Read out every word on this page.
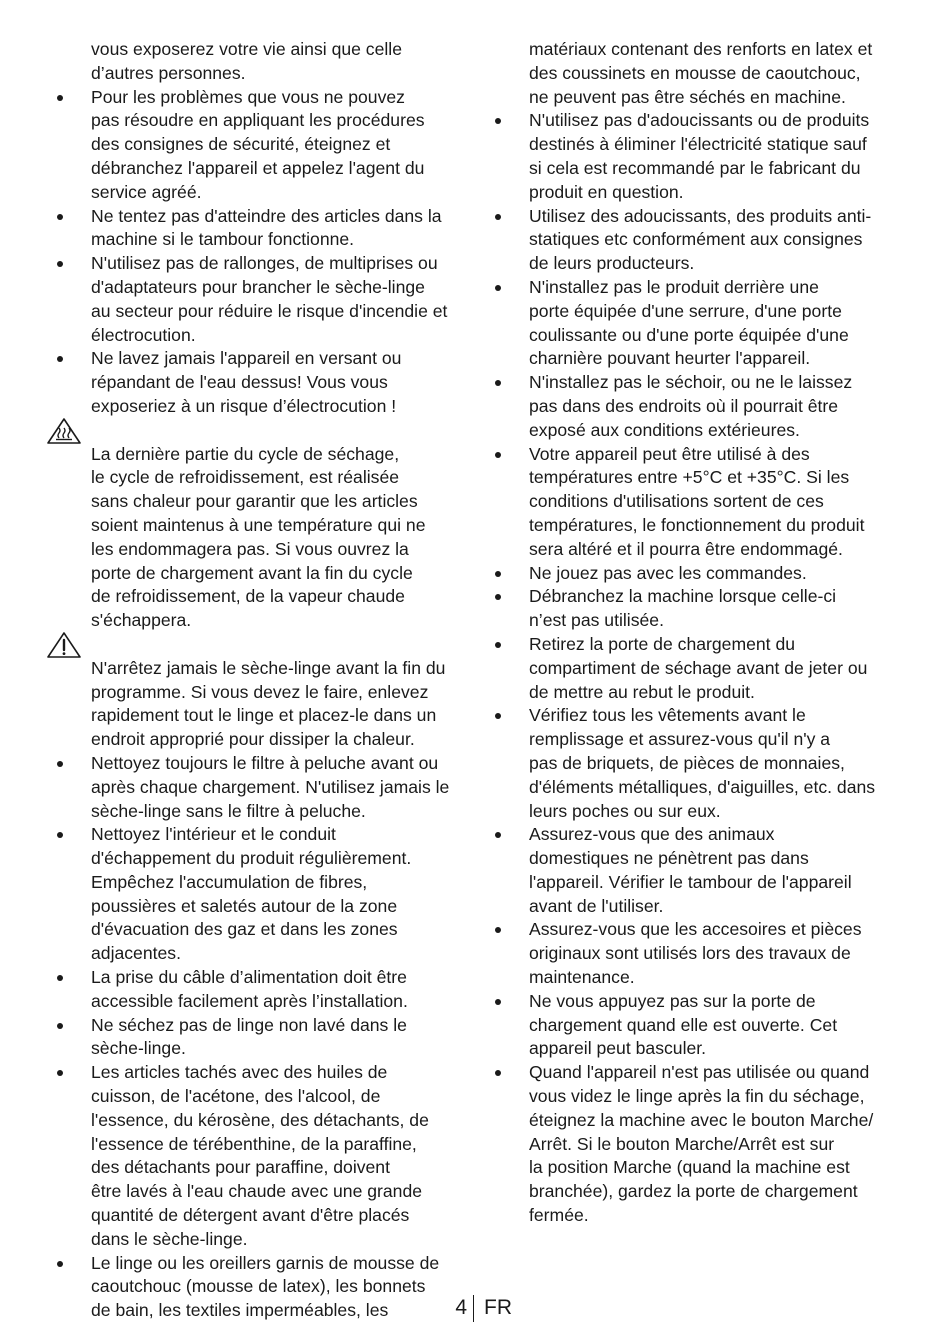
vous exposerez votre vie ainsi que celle
d’autres personnes.

Pour les problèmes que vous ne pouvez
pas résoudre en appliquant les procédures
des consignes de sécurité, éteignez et
débranchez l'appareil et appelez l'agent du
service agréé.

Ne tentez pas d'atteindre des articles dans la
machine si le tambour fonctionne.

N'utilisez pas de rallonges, de multiprises ou
d'adaptateurs pour brancher le sèche-linge
au secteur pour réduire le risque d'incendie et
électrocution.

Ne lavez jamais l'appareil en versant ou
répandant de l'eau dessus! Vous vous
exposeriez à un risque d’électrocution !

La dernière partie du cycle de séchage,
le cycle de refroidissement, est réalisée
sans chaleur pour garantir que les articles
soient maintenus à une température qui ne
les endommagera pas. Si vous ouvrez la
porte de chargement avant la fin du cycle
de refroidissement, de la vapeur chaude
s'échappera.

N'arrêtez jamais le sèche-linge avant la fin du
programme. Si vous devez le faire, enlevez
rapidement tout le linge et placez-le dans un
endroit approprié pour dissiper la chaleur.

Nettoyez toujours le filtre à peluche avant ou
après chaque chargement. N'utilisez jamais le
sèche-linge sans le filtre à peluche.

Nettoyez l'intérieur et le conduit
d'échappement du produit régulièrement.
Empêchez l'accumulation de fibres,
poussières et saletés autour de la zone
d'évacuation des gaz et dans les zones
adjacentes.

La prise du câble d’alimentation doit être
accessible facilement après l’installation.

Ne séchez pas de linge non lavé dans le
sèche-linge.

Les articles tachés avec des huiles de
cuisson, de l'acétone, des l'alcool, de
l'essence, du kérosène, des détachants, de
l'essence de térébenthine, de la paraffine,
des détachants pour paraffine, doivent
être lavés à l'eau chaude avec une grande
quantité de détergent avant d'être placés
dans le sèche-linge.

Le linge ou les oreillers garnis de mousse de
caoutchouc (mousse de latex), les bonnets
de bain, les textiles imperméables, les

matériaux contenant des renforts en latex et
des coussinets en mousse de caoutchouc,
ne peuvent pas être séchés en machine.

N'utilisez pas d'adoucissants ou de produits
destinés à éliminer l'électricité statique sauf
si cela est recommandé par le fabricant du
produit en question.

Utilisez des adoucissants, des produits anti-
statiques etc conformément aux consignes
de leurs producteurs.

N'installez pas le produit derrière une
porte équipée d'une serrure, d'une porte
coulissante ou d'une porte équipée d'une
charnière pouvant heurter l'appareil.

N'installez pas le séchoir, ou ne le laissez
pas dans des endroits où il pourrait être
exposé aux conditions extérieures.

Votre appareil peut être utilisé à des
températures entre +5°C et +35°C. Si les
conditions d'utilisations sortent de ces
températures, le fonctionnement du produit
sera altéré et il pourra être endommagé.

Ne jouez pas avec les commandes.

Débranchez la machine lorsque celle-ci
n’est pas utilisée.

Retirez la porte de chargement du
compartiment de séchage avant de jeter ou
de mettre au rebut le produit.

Vérifiez tous les vêtements avant le
remplissage et assurez-vous qu'il n'y a
pas de briquets, de pièces de monnaies,
d'éléments métalliques, d'aiguilles, etc. dans
leurs poches ou sur eux.

Assurez-vous que des animaux
domestiques ne pénètrent pas dans
l'appareil. Vérifier le tambour de l'appareil
avant de l'utiliser.

Assurez-vous que les accesoires et pièces
originaux sont utilisés lors des travaux de
maintenance.

Ne vous appuyez pas sur la porte de
chargement quand elle est ouverte. Cet
appareil peut basculer.

Quand l'appareil n'est pas utilisée ou quand
vous videz le linge après la fin du séchage,
éteignez la machine avec le bouton Marche/
Arrêt. Si le bouton Marche/Arrêt est sur
la position Marche (quand la machine est
branchée), gardez la porte de chargement
fermée.

4 FR
